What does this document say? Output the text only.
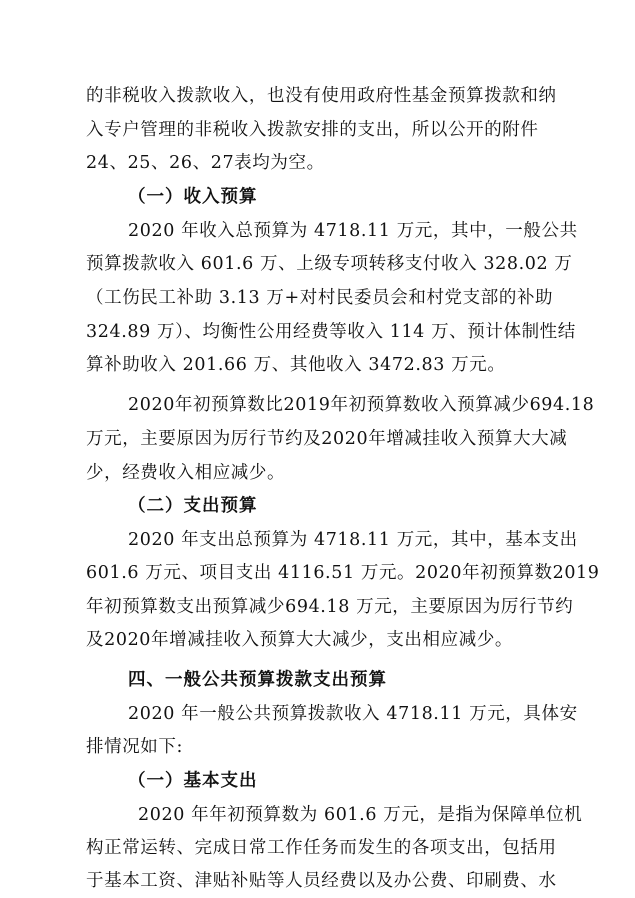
的非税收入拨款收入，也没有使用政府性基金预算拨款和纳
入专户管理的非税收入拨款安排的支出，所以公开的附件
24、25、26、27表均为空。
（一）收入预算
2020 年收入总预算为 4718.11 万元，其中，一般公共
预算拨款收入 601.6 万、上级专项转移支付收入 328.02 万
（工伤民工补助 3.13 万+对村民委员会和村党支部的补助
324.89 万）、均衡性公用经费等收入 114 万、预计体制性结
算补助收入 201.66 万、其他收入 3472.83 万元。
2020年初预算数比2019年初预算数收入预算减少694.18
万元，主要原因为厉行节约及2020年增减挂收入预算大大减
少，经费收入相应减少。
（二）支出预算
2020 年支出总预算为 4718.11 万元，其中，基本支出
601.6 万元、项目支出 4116.51 万元。2020年初预算数2019
年初预算数支出预算减少694.18 万元，主要原因为厉行节约
及2020年增减挂收入预算大大减少，支出相应减少。
四、一般公共预算拨款支出预算
2020 年一般公共预算拨款收入 4718.11 万元，具体安
排情况如下:
（一）基本支出
2020 年年初预算数为 601.6 万元，是指为保障单位机
构正常运转、完成日常工作任务而发生的各项支出，包括用
于基本工资、津贴补贴等人员经费以及办公费、印刷费、水
